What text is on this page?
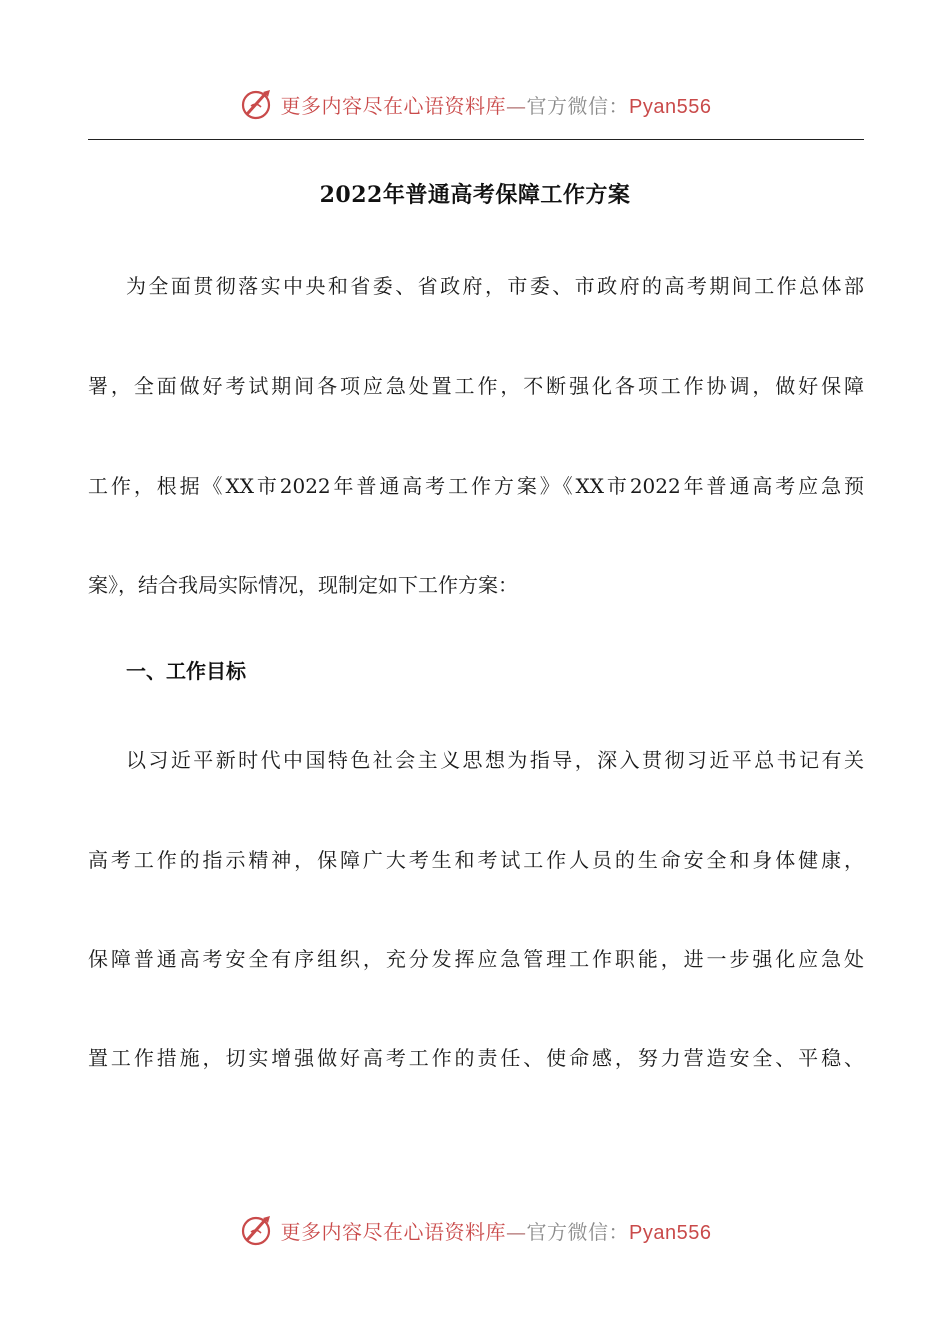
更多内容尽在心语资料库—官方微信：Pyan556
2022年普通高考保障工作方案

为全面贯彻落实中央和省委、省政府，市委、市政府的高考期间工作总体部

署，全面做好考试期间各项应急处置工作，不断强化各项工作协调，做好保障

工作，根据《XX市2022年普通高考工作方案》《XX市2022年普通高考应急预

案》，结合我局实际情况，现制定如下工作方案：

一、工作目标

以习近平新时代中国特色社会主义思想为指导，深入贯彻习近平总书记有关

高考工作的指示精神，保障广大考生和考试工作人员的生命安全和身体健康，

保障普通高考安全有序组织，充分发挥应急管理工作职能，进一步强化应急处

置工作措施，切实增强做好高考工作的责任、使命感，努力营造安全、平稳、

更多内容尽在心语资料库—官方微信：Pyan556
